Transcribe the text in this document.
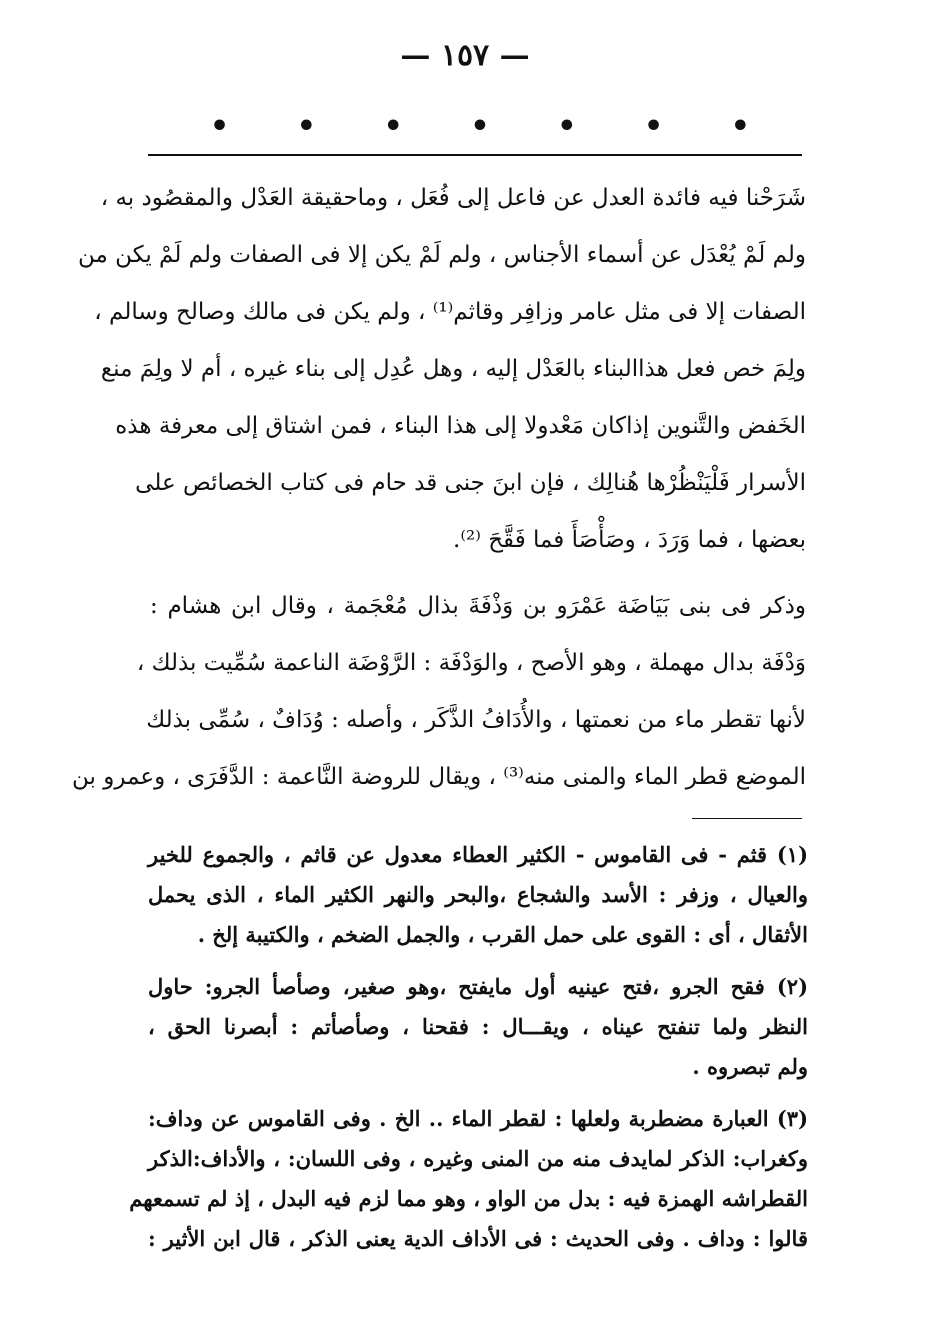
— ١٥٧ —
• • • • • • •
شَرَحْنا فيه فائدة العدل عن فاعل إلى فُعَل ، وماحقيقة العَدْل والمقصُود به ،
ولم لَمْ يُعْدَل عن أسماء الأجناس ، ولم لَمْ يكن إلا فى الصفات ولم لَمْ يكن من
الصفات إلا فى مثل عامر وزافِر وقاثم⁽¹⁾ ، ولم يكن فى مالك وصالح وسالم ،
ولِمَ خص فعل هذاالبناء بالعَدْل إليه ، وهل عُدِل إلى بناء غيره ، أم لا ولِمَ منع
الخَفض والتَّنوين إذاكان مَعْدولا إلى هذا البناء ، فمن اشتاق إلى معرفة هذه
الأسرار فَلْيَنْظُرْها هُنالِك ، فإن ابنَ جنى قد حام فى كتاب الخصائص على
بعضها ، فما وَرَدَ ، وصَأْصَأَ فما فَقَّحَ ⁽²⁾.
وذكر فى بنى بَيَاضَة عَمْرَو بن وَذْفَةَ بذال مُعْجَمة ، وقال ابن هشام :
وَدْفَة بدال مهملة ، وهو الأصح ، والوَدْفَة : الرَّوْضَة الناعمة سُمِّيت بذلك ،
لأنها تقطر ماء من نعمتها ، والأُدَافُ الذَّكَر ، وأصله : وُدَافٌ ، سُمِّى بذلك
الموضع قطر الماء والمنى منه⁽³⁾ ، ويقال للروضة النَّاعمة : الدَّفَرَى ، وعمرو بن
(١) قثم - فى القاموس - الكثير العطاء معدول عن قاثم ، والجموع للخير
والعيال ، وزفر : الأسد والشجاع ،والبحر والنهر الكثير الماء ، الذى يحمل
الأثقال ، أى : القوى على حمل القرب ، والجمل الضخم ، والكتيبة إلخ .
(٢) فقح الجرو ،فتح عينيه أول مايفتح ،وهو صغير، وصأصأ الجرو: حاول
النظر ولما تنفتح عيناه ، ويقـــال : فقحنا ، وصأصأتم : أبصرنا الحق ،
ولم تبصروه .
(٣) العبارة مضطربة ولعلها : لقطر الماء .. الخ . وفى القاموس عن وداف:
وكغراب: الذكر لمايدف منه من المنى وغيره ، وفى اللسان: ، والأداف:الذكر
القطراشه الهمزة فيه : بدل من الواو ، وهو مما لزم فيه البدل ، إذ لم تسمعهم
قالوا : وداف . وفى الحديث : فى الأداف الدية يعنى الذكر ، قال ابن الأثير :
